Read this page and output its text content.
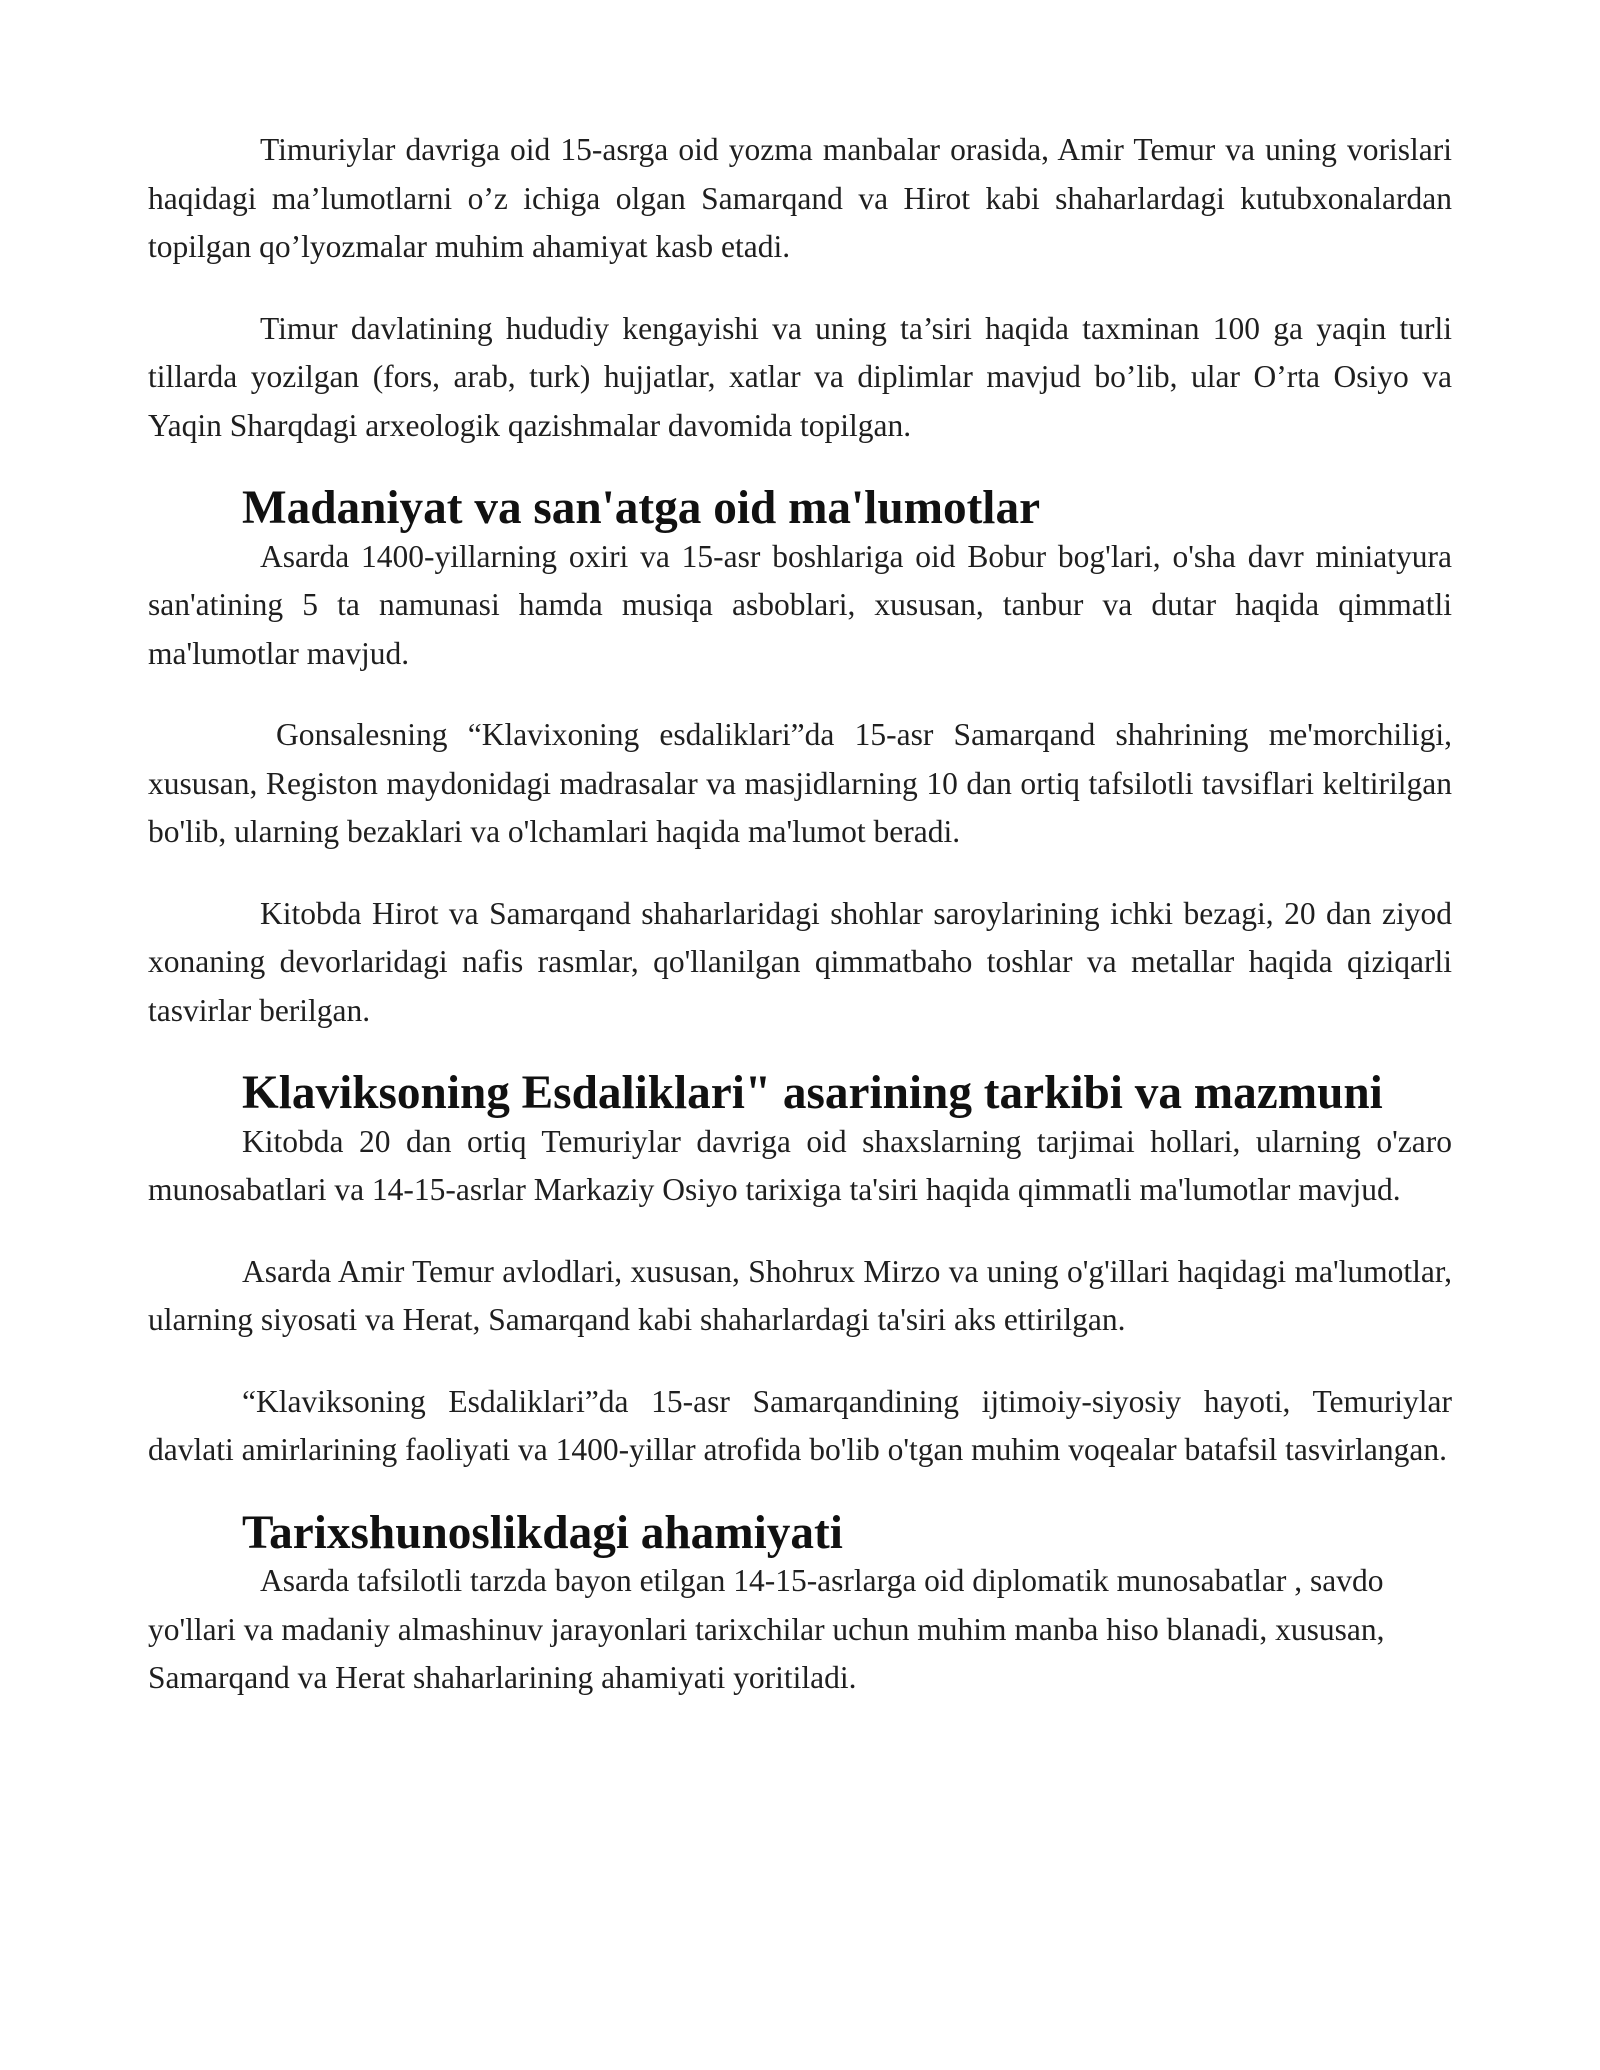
Timuriylar davriga oid 15-asrga oid yozma manbalar orasida, Amir Temur va uning vorislari haqidagi ma’lumotlarni o’z ichiga olgan Samarqand va Hirot kabi shaharlardagi kutubxonalardan topilgan qo’lyozmalar muhim ahamiyat kasb etadi.

Timur davlatining hududiy kengayishi va uning ta’siri haqida taxminan 100 ga yaqin turli tillarda yozilgan (fors, arab, turk) hujjatlar, xatlar va diplimlar mavjud bo’lib, ular O’rta Osiyo va Yaqin Sharqdagi arxeologik qazishmalar davomida topilgan.

Madaniyat va san'atga oid ma'lumotlar

Asarda 1400-yillarning oxiri va 15-asr boshlariga oid Bobur bog'lari, o'sha davr miniatyura san'atining 5 ta namunasi hamda musiqa asboblari, xususan, tanbur va dutar haqida qimmatli ma'lumotlar mavjud.

Gonsalesning “Klavixoning esdaliklari”da 15-asr Samarqand shahrining me'morchiligi, xususan, Registon maydonidagi madrasalar va masjidlarning 10 dan ortiq tafsilotli tavsiflari keltirilgan bo'lib, ularning bezaklari va o'lchamlari haqida ma'lumot beradi.

Kitobda Hirot va Samarqand shaharlaridagi shohlar saroylarining ichki bezagi, 20 dan ziyod xonaning devorlaridagi nafis rasmlar, qo'llanilgan qimmatbaho toshlar va metallar haqida qiziqarli tasvirlar berilgan.

Klaviksoning Esdaliklari" asarining tarkibi va mazmuni

Kitobda 20 dan ortiq Temuriylar davriga oid shaxslarning tarjimai hollari, ularning o'zaro munosabatlari va 14-15-asrlar Markaziy Osiyo tarixiga ta'siri haqida qimmatli ma'lumotlar mavjud.

Asarda Amir Temur avlodlari, xususan, Shohrux Mirzo va uning o'g'illari haqidagi ma'lumotlar, ularning siyosati va Herat, Samarqand kabi shaharlardagi ta'siri aks ettirilgan.

“Klaviksoning Esdaliklari”da 15-asr Samarqandining ijtimoiy-siyosiy hayoti, Temuriylar davlati amirlarining faoliyati va 1400-yillar atrofida bo'lib o'tgan muhim voqealar batafsil tasvirlangan.

Tarixshunoslikdagi ahamiyati

Asarda tafsilotli tarzda bayon etilgan 14-15-asrlarga oid diplomatik munosabatlar , savdo yo'llari va madaniy almashinuv jarayonlari tarixchilar uchun muhim manba hiso blanadi, xususan, Samarqand va Herat shaharlarining ahamiyati yoritiladi.
